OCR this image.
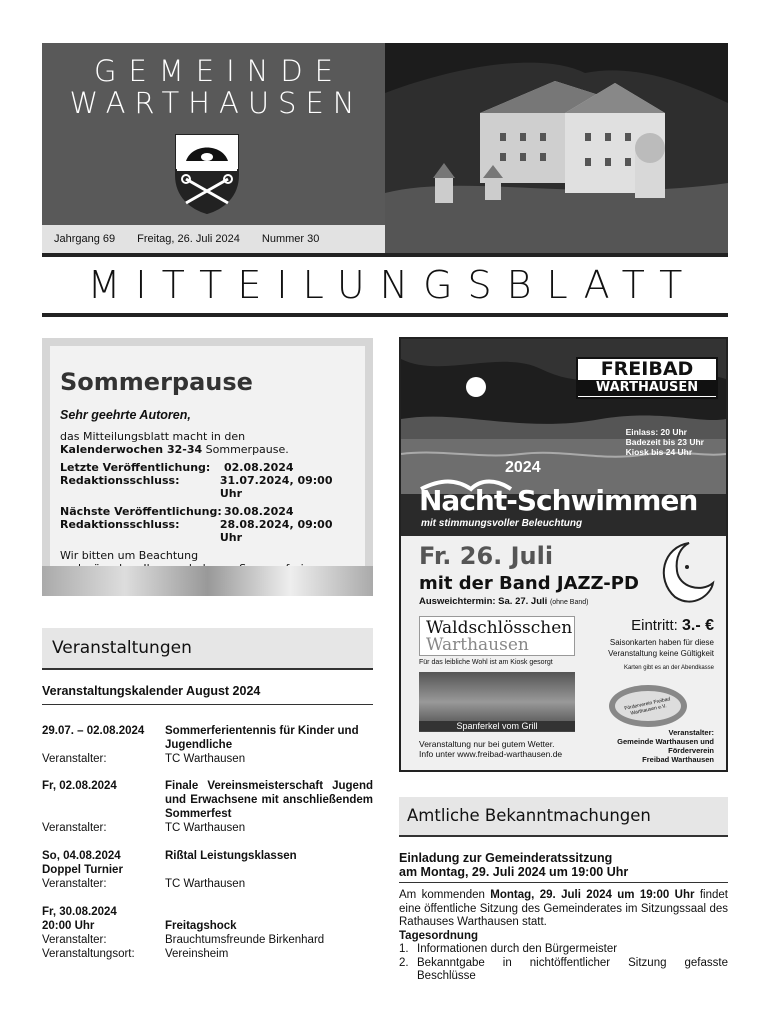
GEMEINDE
WARTHAUSEN
Jahrgang 69 Freitag, 26. Juli 2024 Nummer 30
MITTEILUNGSBLATT
Sommerpause
Sehr geehrte Autoren,
das Mitteilungsblatt macht in den
Kalenderwochen 32-34 Sommerpause.
Letzte Veröffentlichung:	02.08.2024
Redaktionsschluss:	31.07.2024, 09:00 Uhr
Nächste Veröffentlichung: 30.08.2024
Redaktionsschluss:	28.08.2024, 09:00 Uhr
Wir bitten um Beachtung
Veranstaltungen
Veranstaltungskalender August 2024
29.07. – 02.08.2024	Sommerferientennis für Kinder und Jugendliche
Veranstalter:	TC Warthausen
Fr, 02.08.2024	Finale Vereinsmeisterschaft Jugend und Erwachsene mit anschließendem Sommerfest
Veranstalter:	TC Warthausen
So, 04.08.2024	Rißtal Leistungsklassen
Doppel Turnier
Veranstalter:	TC Warthausen
Fr, 30.08.2024
20:00 Uhr	Freitagshock
Veranstalter:	Brauchtumsfreunde Birkenhard
Veranstaltungsort:	Vereinsheim
FREIBAD
WARTHAUSEN
Einlass: 20 Uhr
Badezeit bis 23 Uhr
Kiosk bis 24 Uhr
2024
Nacht-Schwimmen
mit stimmungsvoller Beleuchtung
Fr. 26. Juli
mit der Band JAZZ-PD
Ausweichtermin: Sa. 27. Juli (ohne Band)
Waldschlösschen
Warthausen
Für das leibliche Wohl ist am Kiosk gesorgt
Spanferkel vom Grill
Veranstaltung nur bei gutem Wetter.
Info unter www.freibad-warthausen.de
Eintritt: 3.- €
Saisonkarten haben für diese
Veranstaltung keine Gültigkeit
Karten gibt es an der Abendkasse
Förderverein Freibad Warthausen e.V.
Veranstalter:
Gemeinde Warthausen und
Förderverein
Freibad Warthausen
Amtliche Bekanntmachungen
Einladung zur Gemeinderatssitzung
am Montag, 29. Juli 2024 um 19:00 Uhr

Am kommenden Montag, 29. Juli 2024 um 19:00 Uhr findet eine öffentliche Sitzung des Gemeinderates im Sitzungssaal des Rathauses Warthausen statt.

Tagesordnung

1. Informationen durch den Bürgermeister
2. Bekanntgabe in nichtöffentlicher Sitzung gefasste Beschlüsse
